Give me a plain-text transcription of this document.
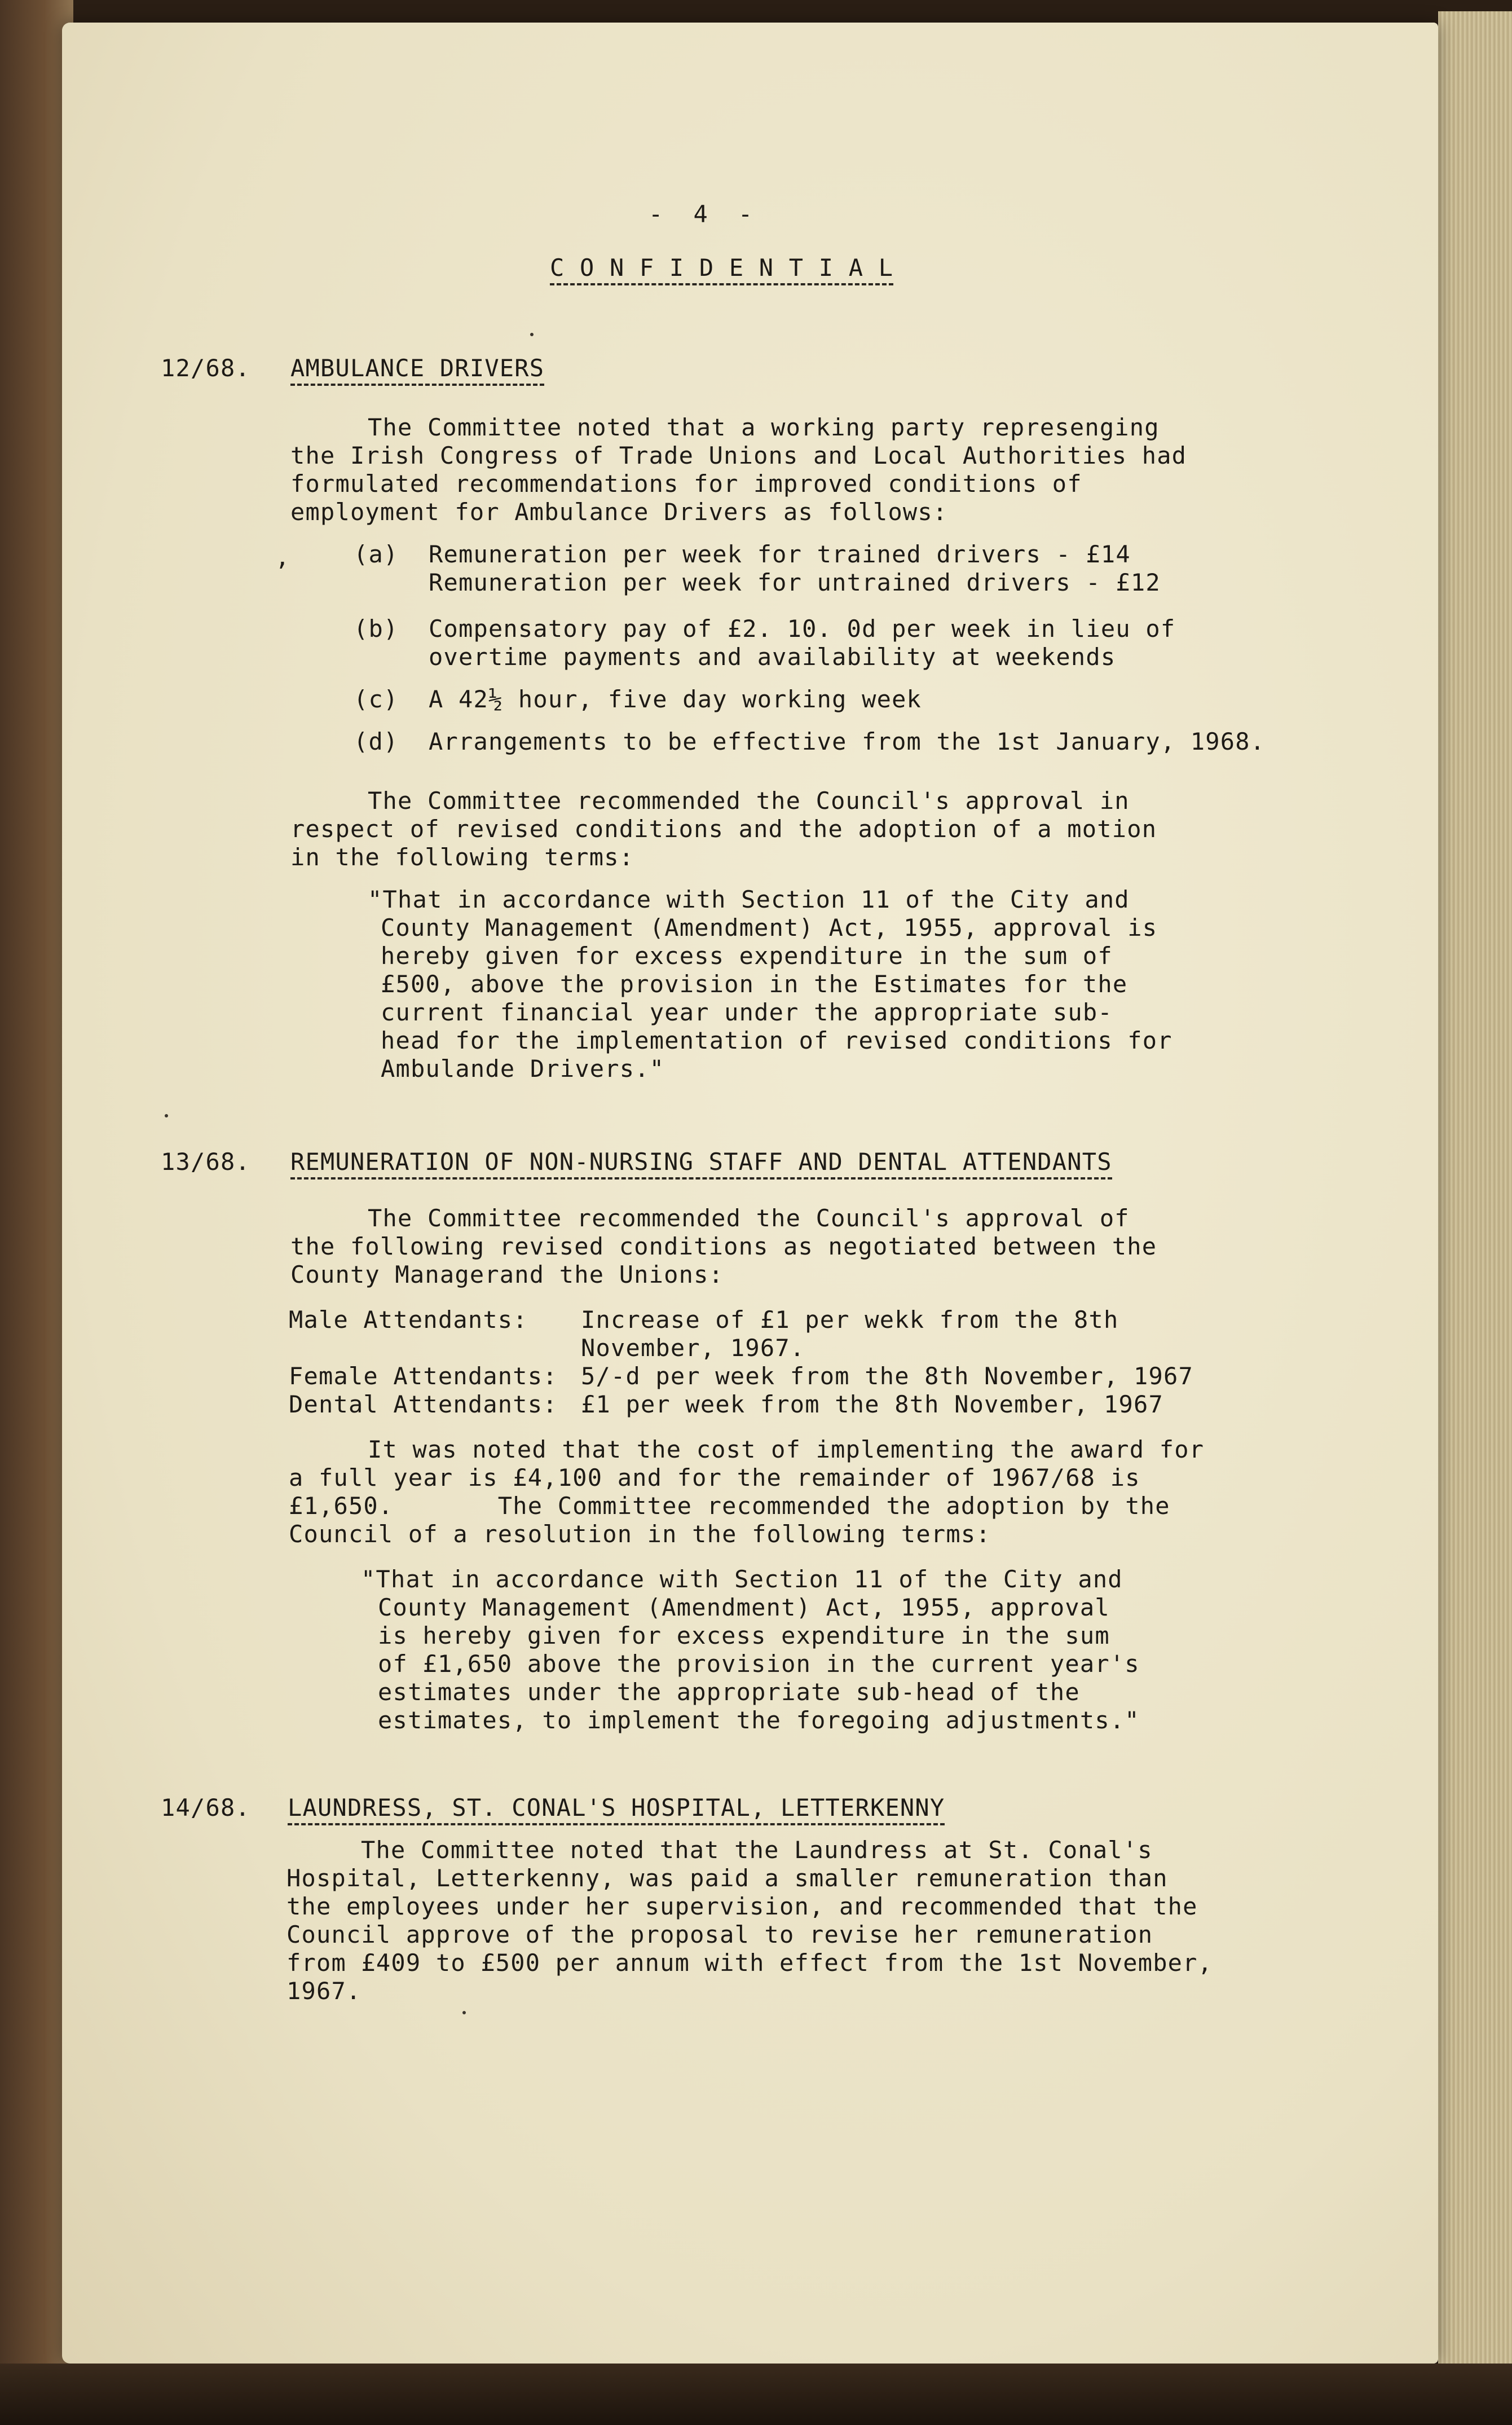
-  4  -
C O N F I D E N T I A L
12/68. AMBULANCE DRIVERS
The Committee noted that a working party represenging
the Irish Congress of Trade Unions and Local Authorities had
formulated recommendations for improved conditions of
employment for Ambulance Drivers as follows:
,	(a) Remuneration per week for trained drivers - £14
Remuneration per week for untrained drivers - £12
(b) Compensatory pay of £2. 10. 0d per week in lieu of
overtime payments and availability at weekends
(c) A 42½ hour, five day working week
(d) Arrangements to be effective from the 1st January, 1968.
The Committee recommended the Council's approval in
respect of revised conditions and the adoption of a motion
in the following terms:
"That in accordance with Section 11 of the City and
County Management (Amendment) Act, 1955, approval is
hereby given for excess expenditure in the sum of
£500, above the provision in the Estimates for the
current financial year under the appropriate sub-
head for the implementation of revised conditions for
Ambulande Drivers."
13/68. REMUNERATION OF NON-NURSING STAFF AND DENTAL ATTENDANTS
The Committee recommended the Council's approval of
the following revised conditions as negotiated between the
County Managerand the Unions:
Male Attendants: Increase of £1 per wekk from the 8th
November, 1967.
Female Attendants: 5/-d per week from the 8th November, 1967
Dental Attendants: £1 per week from the 8th November, 1967
It was noted that the cost of implementing the award for
a full year is £4,100 and for the remainder of 1967/68 is
£1,650.       The Committee recommended the adoption by the
Council of a resolution in the following terms:
"That in accordance with Section 11 of the City and
County Management (Amendment) Act, 1955, approval
is hereby given for excess expenditure in the sum
of £1,650 above the provision in the current year's
estimates under the appropriate sub-head of the
estimates, to implement the foregoing adjustments."
14/68. LAUNDRESS, ST. CONAL'S HOSPITAL, LETTERKENNY
The Committee noted that the Laundress at St. Conal's
Hospital, Letterkenny, was paid a smaller remuneration than
the employees under her supervision, and recommended that the
Council approve of the proposal to revise her remuneration
from £409 to £500 per annum with effect from the 1st November,
1967.
